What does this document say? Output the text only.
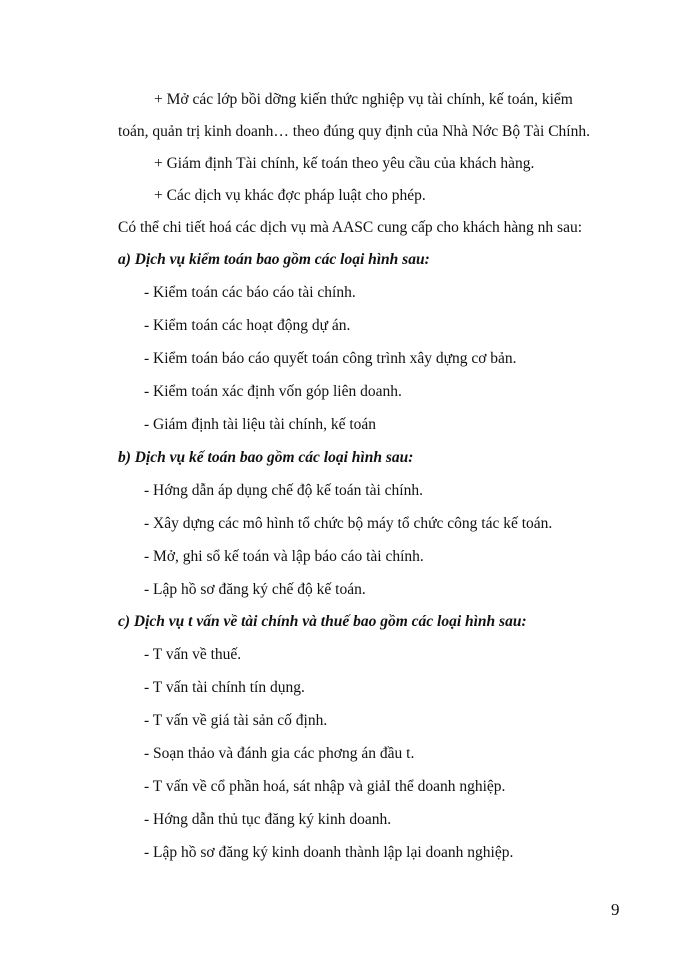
+ Mở các lớp bồi dỡng kiến thức nghiệp vụ tài chính, kế toán, kiểm
toán, quản trị kinh doanh… theo đúng quy định của Nhà Nớc Bộ Tài Chính.
+ Giám định Tài chính, kế toán theo yêu cầu của khách hàng.
+ Các dịch vụ khác đợc pháp luật cho phép.
Có thể chi tiết hoá các dịch vụ mà AASC cung cấp cho khách hàng nh sau:
a) Dịch vụ kiểm toán bao gồm các loại hình sau:
- Kiểm toán các báo cáo tài chính.
- Kiểm toán các hoạt động dự án.
- Kiểm toán báo cáo quyết toán công trình xây dựng cơ bản.
- Kiểm toán xác định vốn góp liên doanh.
- Giám định tài liệu tài chính, kế toán
b) Dịch vụ kế toán bao gồm các loại hình sau:
- Hớng dẫn áp dụng chế độ kế toán tài chính.
- Xây dựng các mô hình tổ chức bộ máy tổ chức công tác kế toán.
- Mở, ghi sổ kế toán và lập báo cáo tài chính.
- Lập hồ sơ đăng ký chế độ kế toán.
c) Dịch vụ t vấn về tài chính và thuế bao gồm các loại hình sau:
- T vấn về thuế.
- T vấn tài chính tín dụng.
- T vấn về giá tài sản cố định.
- Soạn thảo và đánh gia các phơng án đầu t.
- T vấn về cổ phần hoá, sát nhập và giảI thể doanh nghiệp.
- Hớng dẫn thủ tục đăng ký kinh doanh.
- Lập hồ sơ đăng ký kinh doanh thành lập lại doanh nghiệp.
9
